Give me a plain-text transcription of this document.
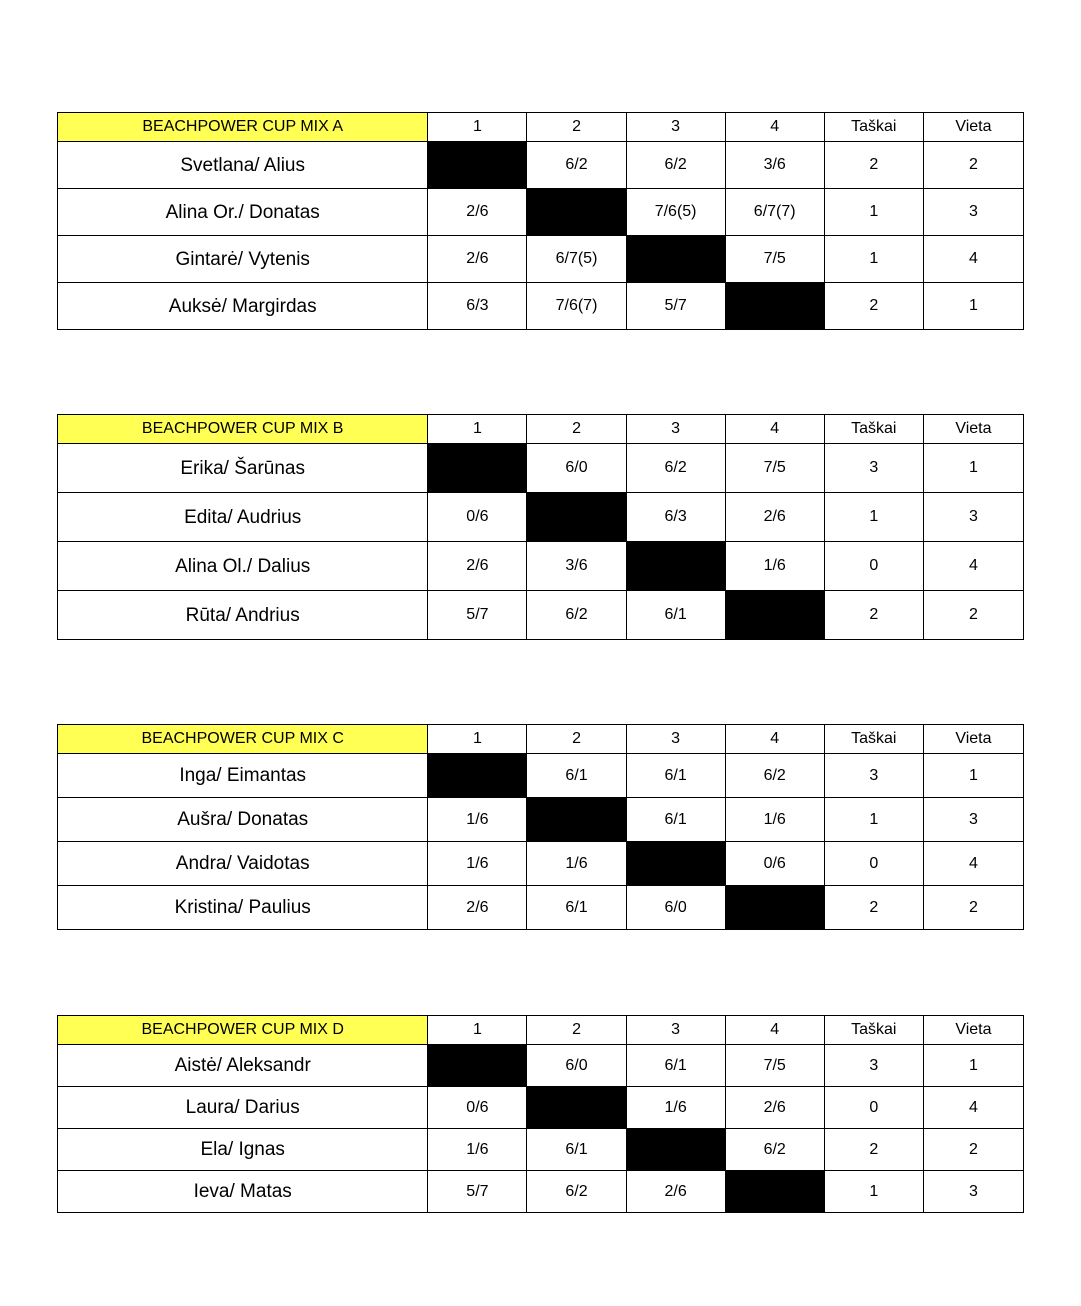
BEACHPOWER CUP MIX A	1	2	3	4	Taškai	Vieta
Svetlana/ Alius		6/2	6/2	3/6	2	2
Alina Or./ Donatas	2/6		7/6(5)	6/7(7)	1	3
Gintarė/ Vytenis	2/6	6/7(5)		7/5	1	4
Auksė/ Margirdas	6/3	7/6(7)	5/7		2	1
BEACHPOWER CUP MIX B	1	2	3	4	Taškai	Vieta
Erika/ Šarūnas		6/0	6/2	7/5	3	1
Edita/ Audrius	0/6		6/3	2/6	1	3
Alina Ol./ Dalius	2/6	3/6		1/6	0	4
Rūta/ Andrius	5/7	6/2	6/1		2	2
BEACHPOWER CUP MIX C	1	2	3	4	Taškai	Vieta
Inga/ Eimantas		6/1	6/1	6/2	3	1
Aušra/ Donatas	1/6		6/1	1/6	1	3
Andra/ Vaidotas	1/6	1/6		0/6	0	4
Kristina/ Paulius	2/6	6/1	6/0		2	2
BEACHPOWER CUP MIX D	1	2	3	4	Taškai	Vieta
Aistė/ Aleksandr		6/0	6/1	7/5	3	1
Laura/ Darius	0/6		1/6	2/6	0	4
Ela/ Ignas	1/6	6/1		6/2	2	2
Ieva/ Matas	5/7	6/2	2/6		1	3
